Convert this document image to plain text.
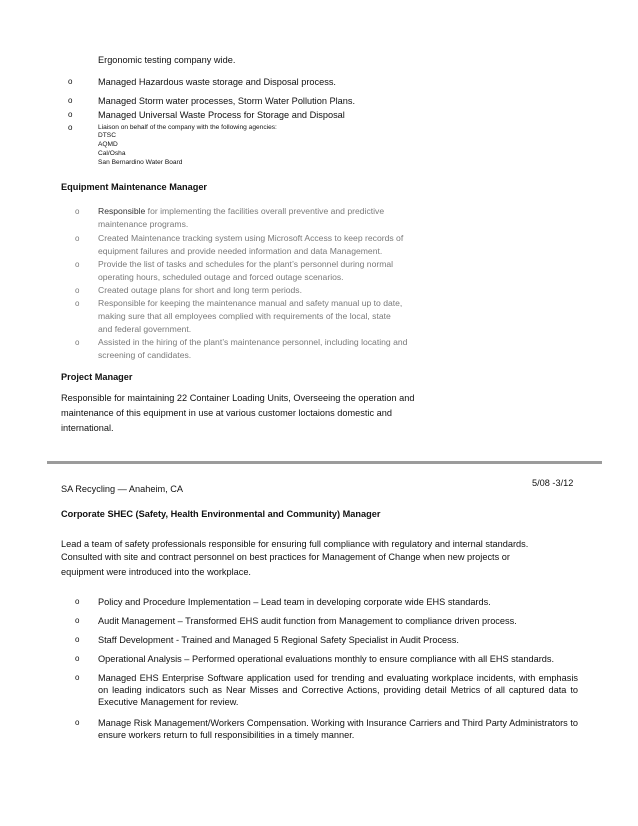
Ergonomic testing company wide.
o	Managed Hazardous waste storage and Disposal process.
o	Managed Storm water processes, Storm Water Pollution Plans.
o	Managed Universal Waste Process for Storage and Disposal
o	Liaison on behalf of the company with the following agencies:
DTSC
AQMD
Cal/Osha
San Bernardino Water Board
Equipment Maintenance Manager
o Responsible for implementing the facilities overall preventive and predictive
maintenance programs.
o Created Maintenance tracking system using Microsoft Access to keep records of
equipment failures and provide needed information and data Management.
o Provide the list of tasks and schedules for the plant’s personnel during normal
operating hours, scheduled outage and forced outage scenarios.
o Created outage plans for short and long term periods.
o Responsible for keeping the maintenance manual and safety manual up to date,
making sure that all employees complied with requirements of the local, state
and federal government.
o Assisted in the hiring of the plant’s maintenance personnel, including locating and
screening of candidates.
Project Manager
Responsible for maintaining 22 Container Loading Units, Overseeing the operation and
maintenance of this equipment in use at various customer loctaions domestic and
international.
SA Recycling — Anaheim, CA
5/08 -3/12
Corporate SHEC (Safety, Health Environmental and Community) Manager
Lead a team of safety professionals responsible for ensuring full compliance with regulatory and internal standards.
Consulted with site and contract personnel on best practices for Management of Change when new projects or
equipment were introduced into the workplace.
o Policy and Procedure Implementation – Lead team in developing corporate wide EHS standards.
o Audit Management – Transformed EHS audit function from Management to compliance driven process.
o Staff Development - Trained and Managed 5 Regional Safety Specialist in Audit Process.
o Operational Analysis – Performed operational evaluations monthly to ensure compliance with all EHS standards.
o Managed EHS Enterprise Software application used for trending and evaluating workplace incidents, with emphasis on leading indicators such as Near Misses and Corrective Actions, providing detail Metrics of all captured data to Executive Management for review.
o Manage Risk Management/Workers Compensation. Working with Insurance Carriers and Third Party Administrators to ensure workers return to full responsibilities in a timely manner.
